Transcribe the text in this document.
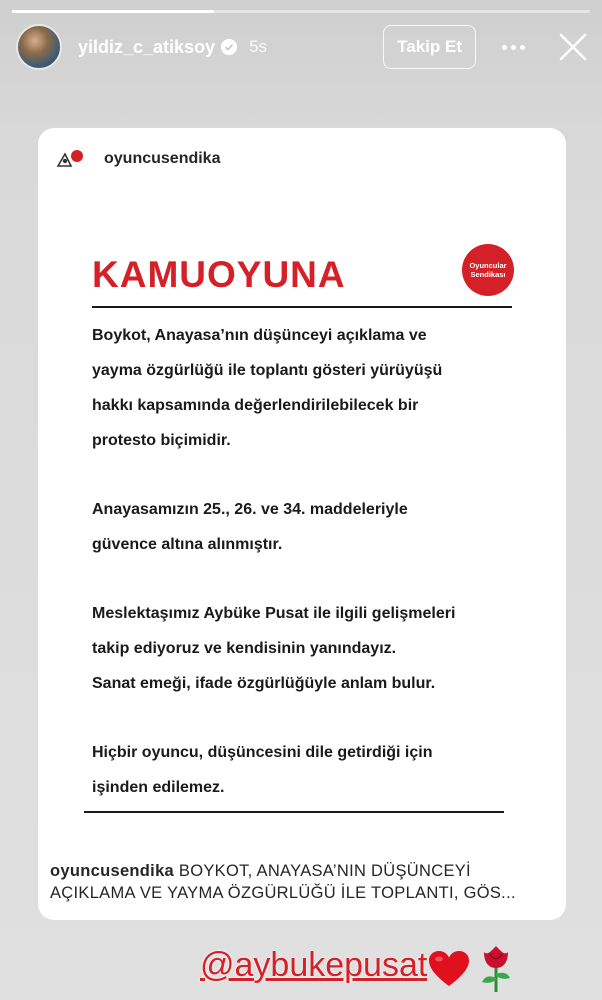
yildiz_c_atiksoy 5s	Takip Et
oyuncusendika
KAMUOYUNA	Oyuncular
Sendikası
Boykot, Anayasa’nın düşünceyi açıklama ve
yayma özgürlüğü ile toplantı gösteri yürüyüşü
hakkı kapsamında değerlendirilebilecek bir
protesto biçimidir.
Anayasamızın 25., 26. ve 34. maddeleriyle
güvence altına alınmıştır.
Meslektaşımız Aybüke Pusat ile ilgili gelişmeleri
takip ediyoruz ve kendisinin yanındayız.
Sanat emeği, ifade özgürlüğüyle anlam bulur.
Hiçbir oyuncu, düşüncesini dile getirdiği için
işinden edilemez.
oyuncusendika BOYKOT, ANAYASA’NIN DÜŞÜNCEYİ AÇIKLAMA VE YAYMA ÖZGÜRLÜĞÜ İLE TOPLANTI, GÖS...
@aybukepusat
